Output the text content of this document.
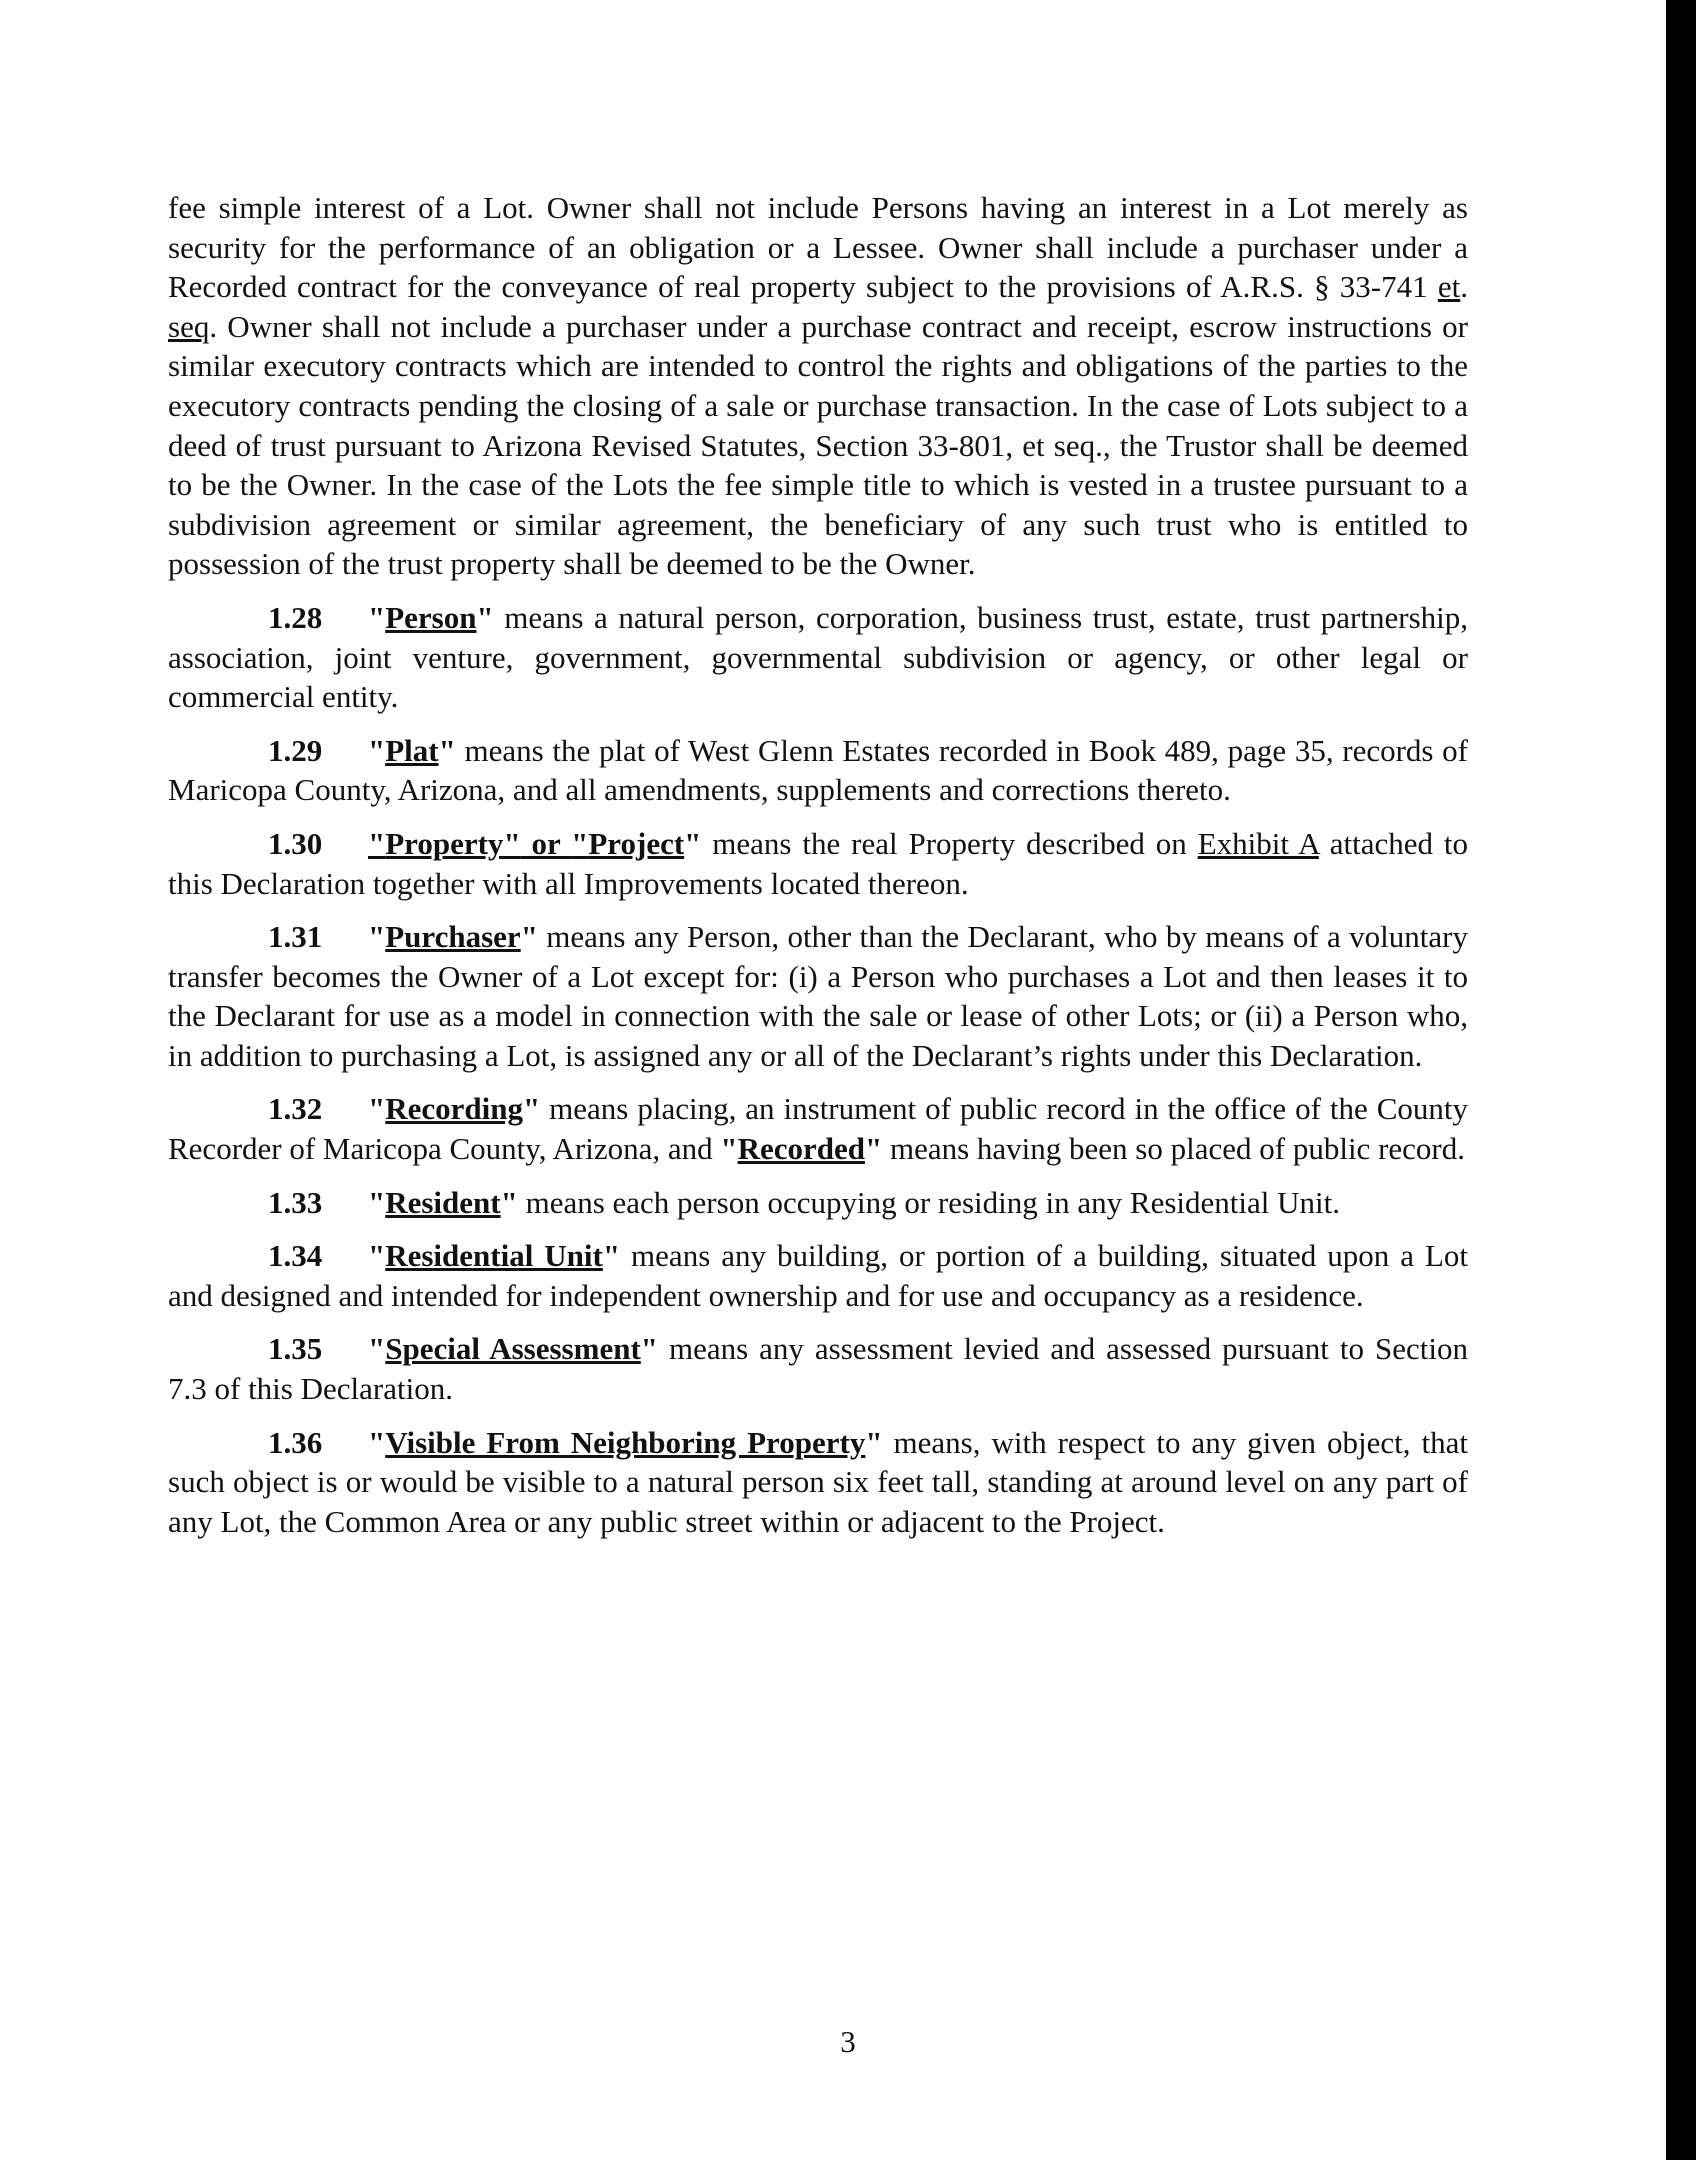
fee simple interest of a Lot. Owner shall not include Persons having an interest in a Lot merely as security for the performance of an obligation or a Lessee. Owner shall include a purchaser under a Recorded contract for the conveyance of real property subject to the provisions of A.R.S. § 33-741 et. seq. Owner shall not include a purchaser under a purchase contract and receipt, escrow instructions or similar executory contracts which are intended to control the rights and obligations of the parties to the executory contracts pending the closing of a sale or purchase transaction. In the case of Lots subject to a deed of trust pursuant to Arizona Revised Statutes, Section 33-801, et seq., the Trustor shall be deemed to be the Owner. In the case of the Lots the fee simple title to which is vested in a trustee pursuant to a subdivision agreement or similar agreement, the beneficiary of any such trust who is entitled to possession of the trust property shall be deemed to be the Owner.

1.28 "Person" means a natural person, corporation, business trust, estate, trust partnership, association, joint venture, government, governmental subdivision or agency, or other legal or commercial entity.

1.29 "Plat" means the plat of West Glenn Estates recorded in Book 489, page 35, records of Maricopa County, Arizona, and all amendments, supplements and corrections thereto.

1.30 "Property" or "Project" means the real Property described on Exhibit A attached to this Declaration together with all Improvements located thereon.

1.31 "Purchaser" means any Person, other than the Declarant, who by means of a voluntary transfer becomes the Owner of a Lot except for: (i) a Person who purchases a Lot and then leases it to the Declarant for use as a model in connection with the sale or lease of other Lots; or (ii) a Person who, in addition to purchasing a Lot, is assigned any or all of the Declarant’s rights under this Declaration.

1.32 "Recording" means placing, an instrument of public record in the office of the County Recorder of Maricopa County, Arizona, and "Recorded" means having been so placed of public record.

1.33 "Resident" means each person occupying or residing in any Residential Unit.

1.34 "Residential Unit" means any building, or portion of a building, situated upon a Lot and designed and intended for independent ownership and for use and occupancy as a residence.

1.35 "Special Assessment" means any assessment levied and assessed pursuant to Section 7.3 of this Declaration.

1.36 "Visible From Neighboring Property" means, with respect to any given object, that such object is or would be visible to a natural person six feet tall, standing at around level on any part of any Lot, the Common Area or any public street within or adjacent to the Project.

3
